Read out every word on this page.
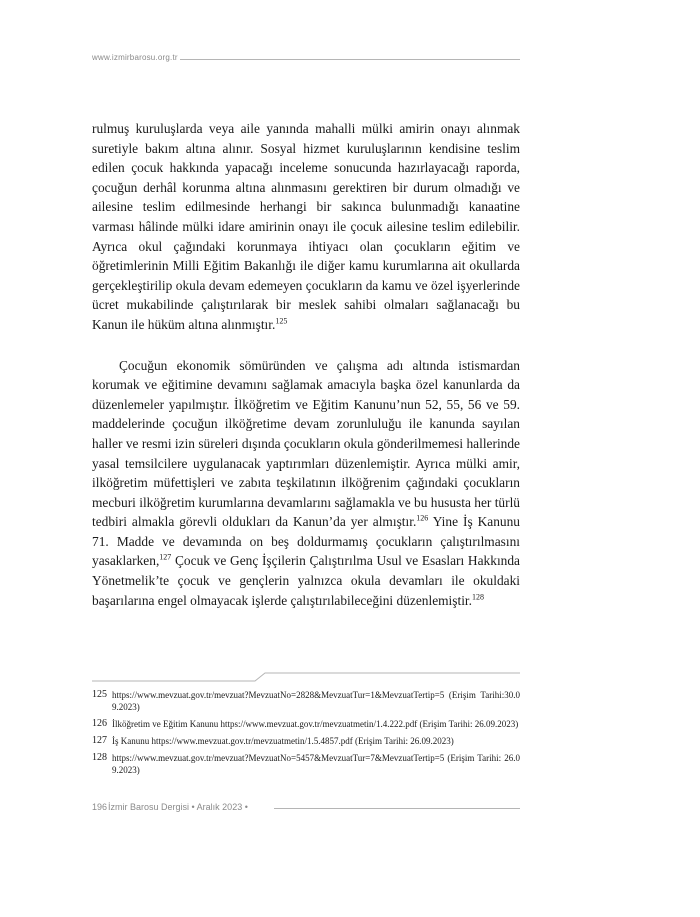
www.izmirbarosu.org.tr

rulmuş kuruluşlarda veya aile yanında mahalli mülki amirin onayı alınmak suretiyle bakım altına alınır. Sosyal hizmet kuruluşlarının kendisine teslim edilen çocuk hakkında yapacağı inceleme sonucunda hazırlayacağı raporda, çocuğun derhâl korunma altına alınmasını gerektiren bir durum olmadığı ve ailesine teslim edilmesinde herhangi bir sakınca bulunmadığı kanaatine varması hâlinde mülki idare amirinin onayı ile çocuk ailesine teslim edilebilir. Ayrıca okul çağındaki korunmaya ihtiyacı olan çocukların eğitim ve öğretimlerinin Milli Eğitim Bakanlığı ile diğer kamu kurumlarına ait okullarda gerçekleştirilip okula devam edemeyen çocukların da kamu ve özel işyerlerinde ücret mukabilinde çalıştırılarak bir meslek sahibi olmaları sağlanacağı bu Kanun ile hüküm altına alınmıştır.$^{125}$

Çocuğun ekonomik sömüründen ve çalışma adı altında istismardan korumak ve eğitimine devamını sağlamak amacıyla başka özel kanunlarda da düzenlemeler yapılmıştır. İlköğretim ve Eğitim Kanunu’nun 52, 55, 56 ve 59. maddelerinde çocuğun ilköğretime devam zorunluluğu ile kanunda sayılan haller ve resmi izin süreleri dışında çocukların okula gönderilmemesi hallerinde yasal temsilcilere uygulanacak yaptırımları düzenlemiştir. Ayrıca mülki amir, ilköğretim müfettişleri ve zabıta teşkilatının ilköğrenim çağındaki çocukların mecburi ilköğretim kurumlarına devamlarını sağlamakla ve bu hususta her türlü tedbiri almakla görevli oldukları da Kanun’da yer almıştır.$^{126}$ Yine İş Kanunu 71. Madde ve devamında on beş doldurmamış çocukların çalıştırılmasını yasaklarken,$^{127}$ Çocuk ve Genç İşçilerin Çalıştırılma Usul ve Esasları Hakkında Yönetmelik’te çocuk ve gençlerin yalnızca okula devamları ile okuldaki başarılarına engel olmayacak işlerde çalıştırılabileceğini düzenlemiştir.$^{128}$

125 https://www.mevzuat.gov.tr/mevzuat?MevzuatNo=2828&MevzuatTur=1&MevzuatTertip=5 (Erişim Tarihi:30.09.2023)
126 İlköğretim ve Eğitim Kanunu https://www.mevzuat.gov.tr/mevzuatmetin/1.4.222.pdf (Erişim Tarihi: 26.09.2023)
127 İş Kanunu https://www.mevzuat.gov.tr/mevzuatmetin/1.5.4857.pdf (Erişim Tarihi: 26.09.2023)
128 https://www.mevzuat.gov.tr/mevzuat?MevzuatNo=5457&MevzuatTur=7&MevzuatTertip=5 (Erişim Tarihi: 26.09.2023)
196 İzmir Barosu Dergisi • Aralık 2023 •
